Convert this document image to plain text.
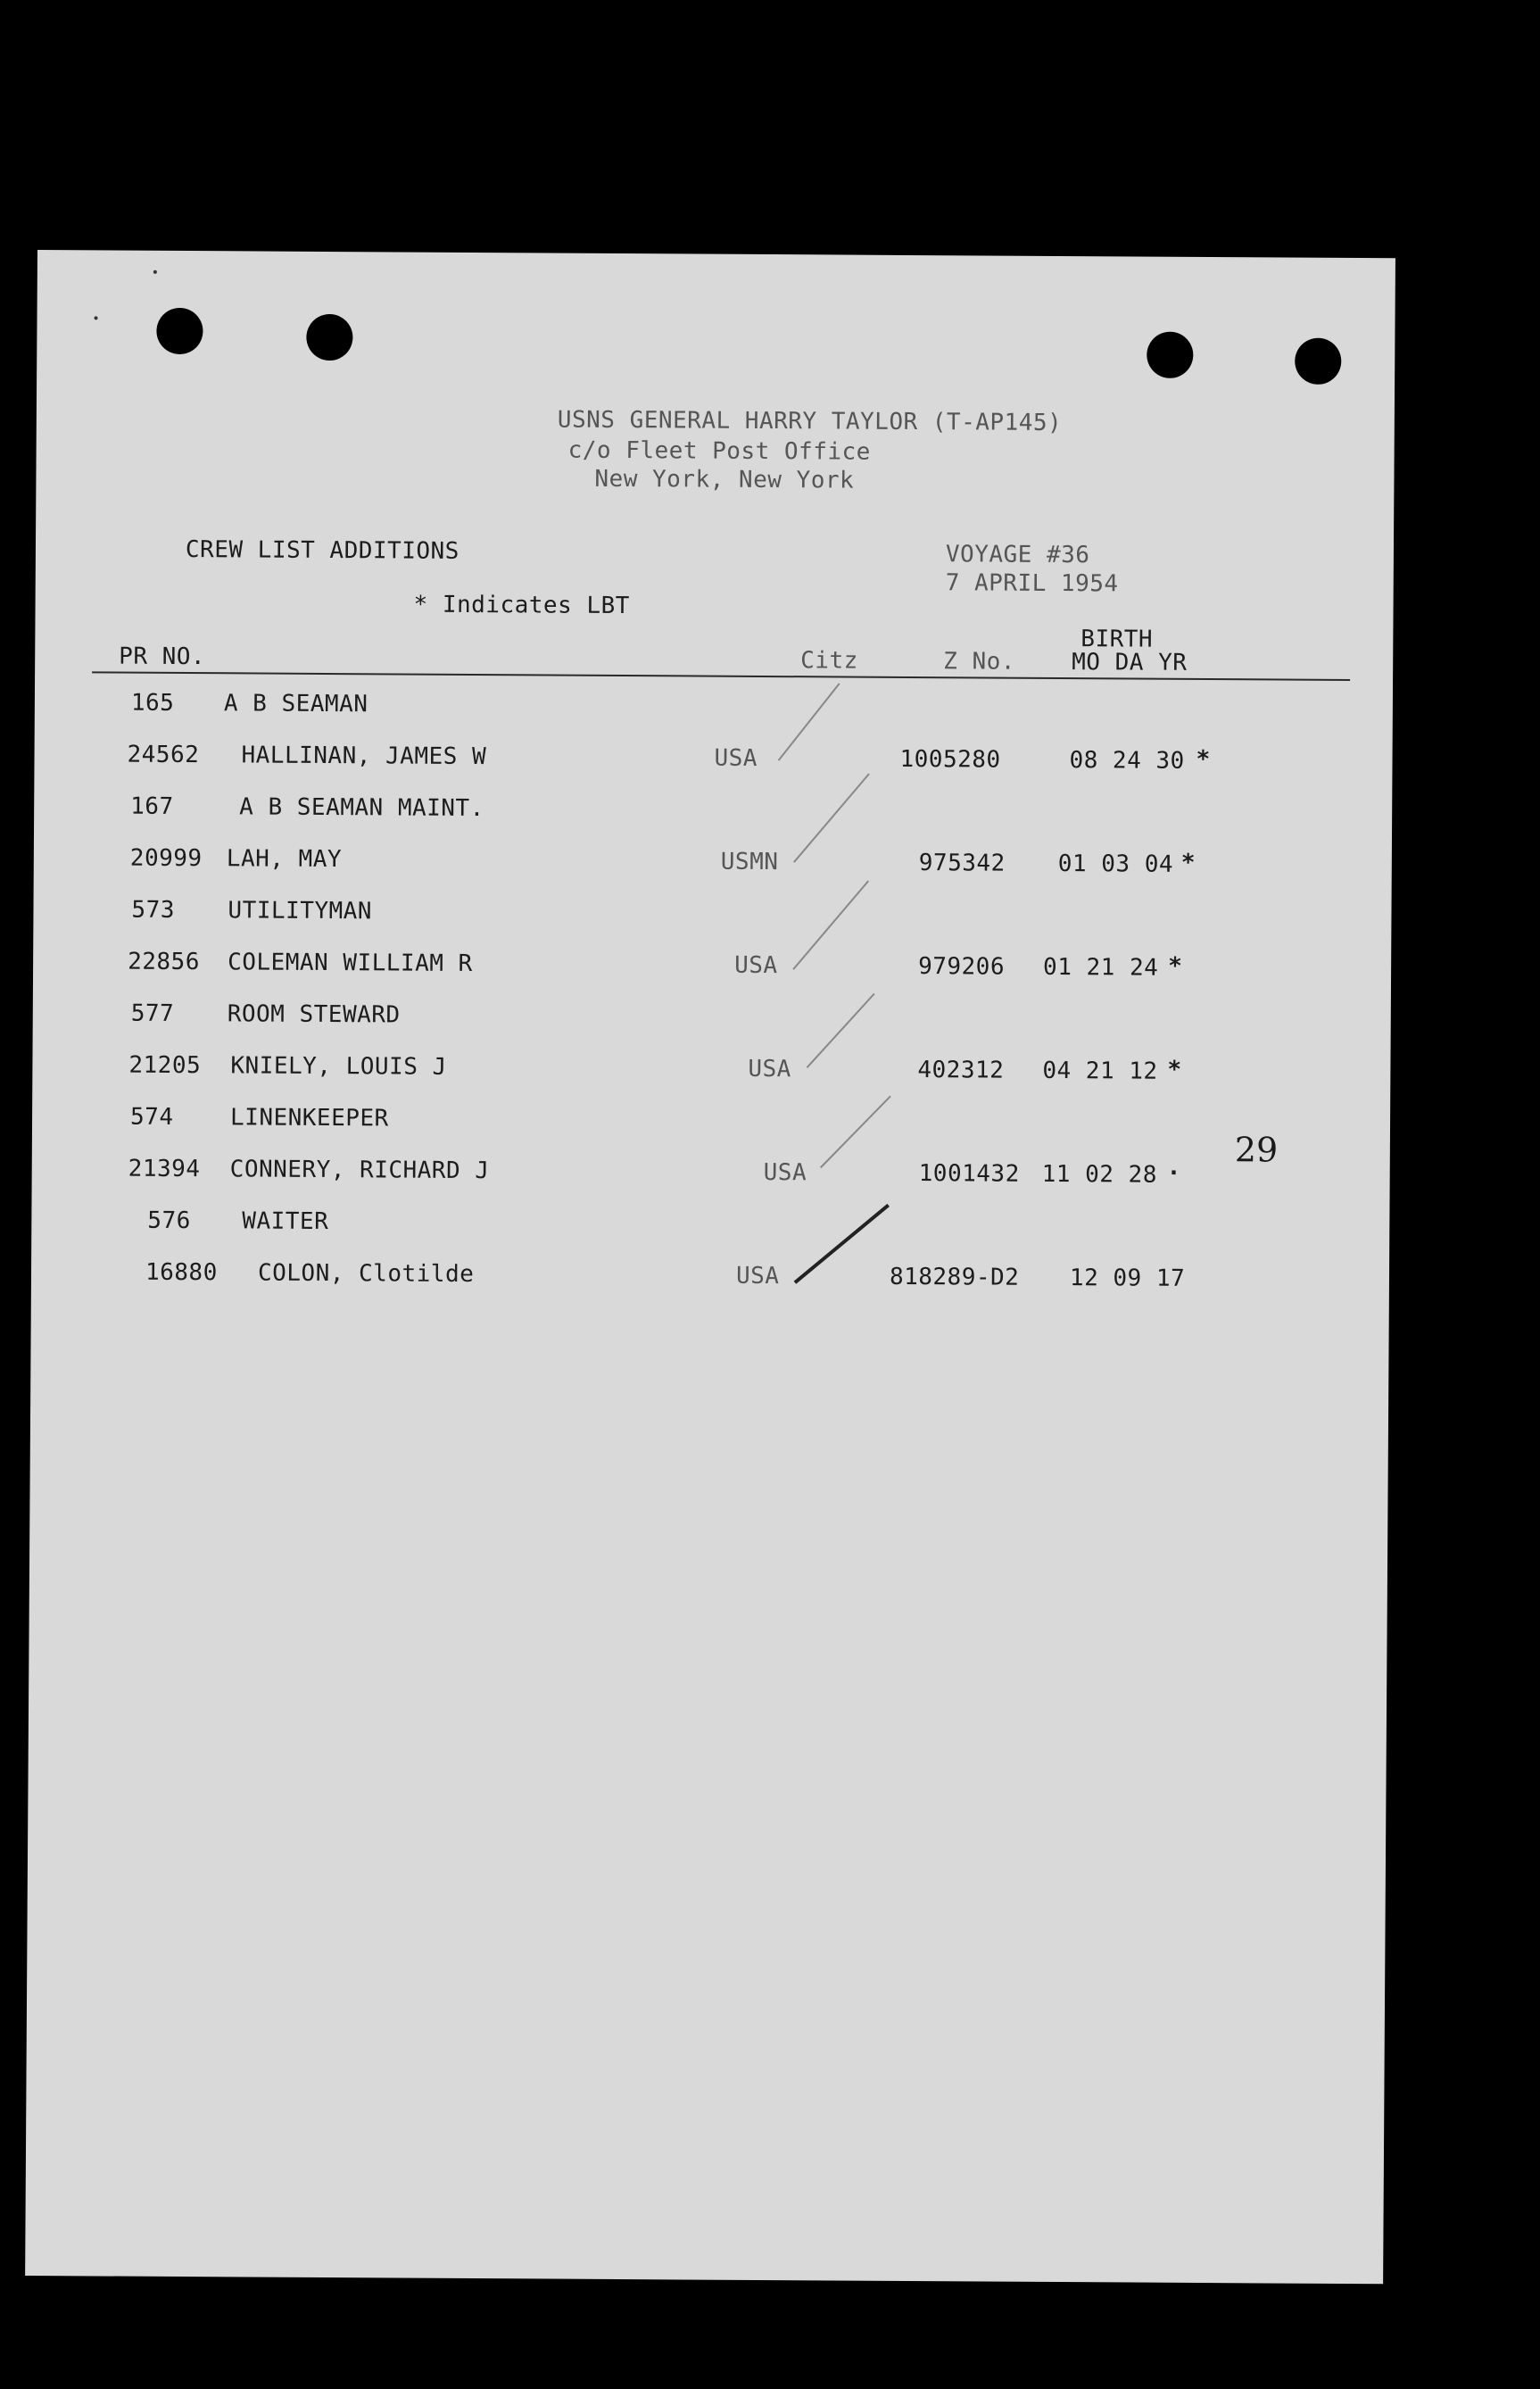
USNS GENERAL HARRY TAYLOR (T-AP145)
c/o Fleet Post Office
New York, New York
CREW LIST ADDITIONS	VOYAGE #36
7 APRIL 1954
* Indicates LBT
BIRTH
PR NO.	Citz	Z No. MO DA YR
165 A B SEAMAN
24562 HALLINAN, JAMES W	USA	1005280	08 24 30 *
167	A B SEAMAN MAINT.
20999 LAH, MAY	USMN	975342 01 03 04 *
573 UTILITYMAN
22856 COLEMAN WILLIAM R	USA	979206 01 21 24 *
577 ROOM STEWARD
21205 KNIELY, LOUIS J	USA	402312 04 21 12 *
574 LINENKEEPER
21394 CONNERY, RICHARD J	USA	1001432 11 02 28 ·
576 WAITER
16880 COLON, Clotilde	USA	818289-D2 12 09 17
29
